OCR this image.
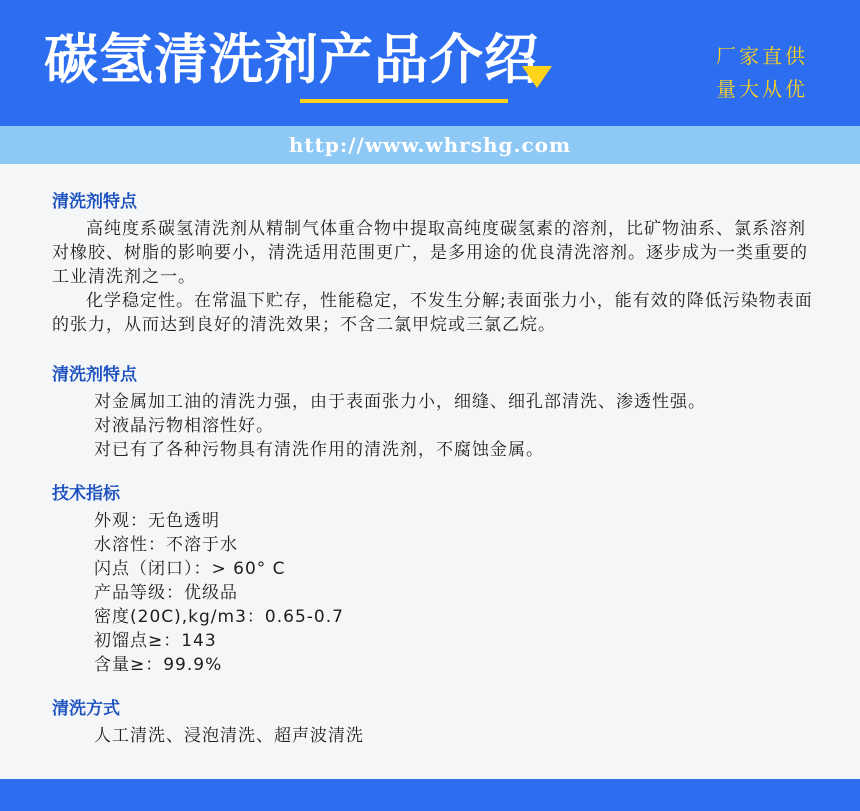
碳氢清洗剂产品介绍	厂家直供
量大从优
http://www.whrshg.com
清洗剂特点

高纯度系碳氢清洗剂从精制气体重合物中提取高纯度碳氢素的溶剂，比矿物油系、氯系溶剂对橡胶、树脂的影响要小，清洗适用范围更广，是多用途的优良清洗溶剂。逐步成为一类重要的工业清洗剂之一。

化学稳定性。在常温下贮存，性能稳定，不发生分解;表面张力小，能有效的降低污染物表面的张力，从而达到良好的清洗效果；不含二氯甲烷或三氯乙烷。

清洗剂特点

对金属加工油的清洗力强，由于表面张力小，细缝、细孔部清洗、渗透性强。

对液晶污物相溶性好。

对已有了各种污物具有清洗作用的清洗剂，不腐蚀金属。

技术指标

外观：无色透明

水溶性：不溶于水

闪点（闭口）：> 60° C

产品等级：优级品

密度(20C),kg/m3：0.65-0.7

初馏点≥：143

含量≥：99.9%

清洗方式

人工清洗、浸泡清洗、超声波清洗
